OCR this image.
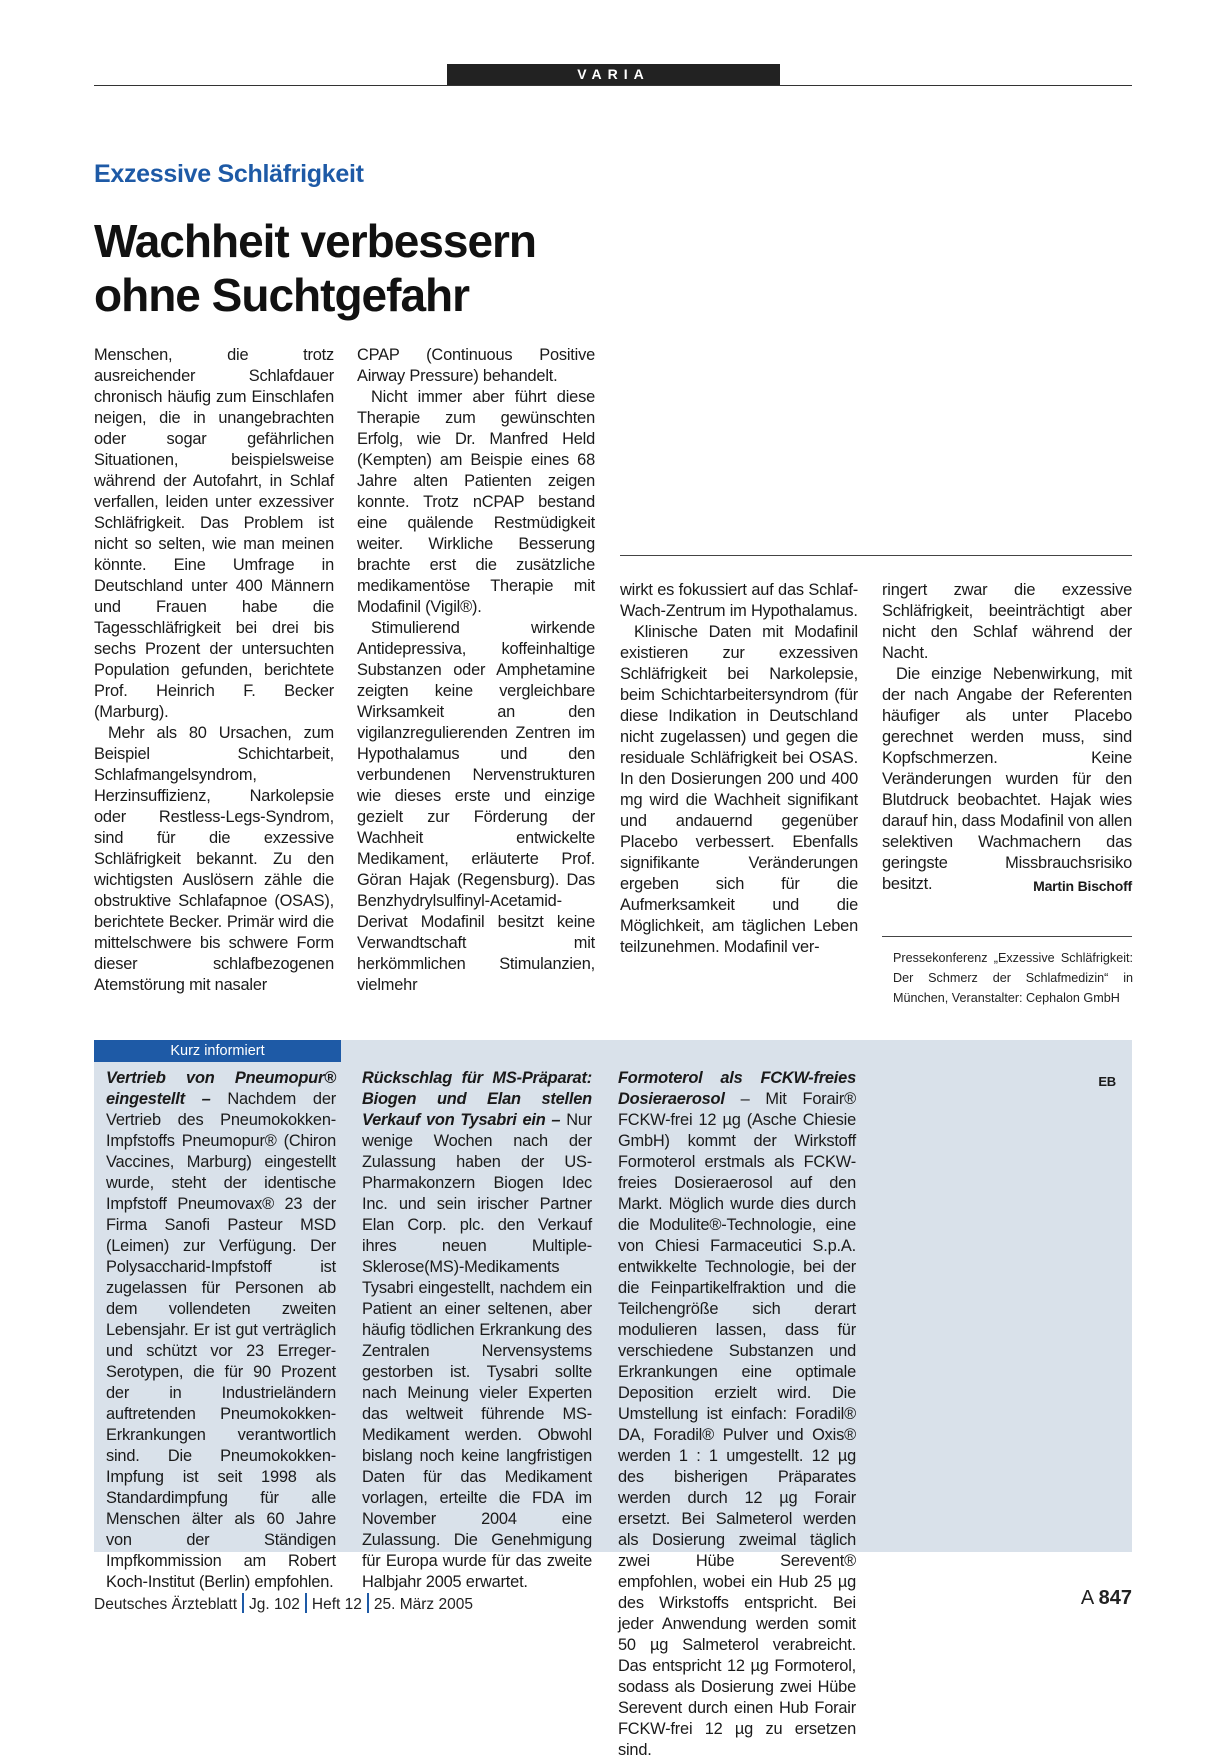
VARIA
Exzessive Schläfrigkeit
Wachheit verbessern
ohne Suchtgefahr

Menschen, die trotz ausreichender Schlafdauer chronisch häufig zum Einschlafen neigen, die in unangebrachten oder sogar gefährlichen Situationen, beispielsweise während der Autofahrt, in Schlaf verfallen, leiden unter exzessiver Schläfrigkeit. Das Problem ist nicht so selten, wie man meinen könnte. Eine Umfrage in Deutschland unter 400 Männern und Frauen habe die Tagesschläfrigkeit bei drei bis sechs Prozent der untersuchten Population gefunden, berichtete Prof. Heinrich F. Becker (Marburg).

Mehr als 80 Ursachen, zum Beispiel Schichtarbeit, Schlafmangelsyndrom, Herzinsuffizienz, Narkolepsie oder Restless-Legs-Syndrom, sind für die exzessive Schläfrigkeit bekannt. Zu den wichtigsten Auslösern zähle die obstruktive Schlafapnoe (OSAS), berichtete Becker. Primär wird die mittelschwere bis schwere Form dieser schlafbezogenen Atemstörung mit nasaler

CPAP (Continuous Positive Airway Pressure) behandelt.

Nicht immer aber führt diese Therapie zum gewünschten Erfolg, wie Dr. Manfred Held (Kempten) am Beispie eines 68 Jahre alten Patienten zeigen konnte. Trotz nCPAP bestand eine quälende Restmüdigkeit weiter. Wirkliche Besserung brachte erst die zusätzliche medikamentöse Therapie mit Modafinil (Vigil®).

Stimulierend wirkende Antidepressiva, koffeinhaltige Substanzen oder Amphetamine zeigten keine vergleichbare Wirksamkeit an den vigilanzregulierenden Zentren im Hypothalamus und den verbundenen Nervenstrukturen wie dieses erste und einzige gezielt zur Förderung der Wachheit entwickelte Medikament, erläuterte Prof. Göran Hajak (Regensburg). Das Benzhydrylsulfinyl-Acetamid-Derivat Modafinil besitzt keine Verwandtschaft mit herkömmlichen Stimulanzien, vielmehr

wirkt es fokussiert auf das Schlaf-Wach-Zentrum im Hypothalamus.

Klinische Daten mit Modafinil existieren zur exzessiven Schläfrigkeit bei Narkolepsie, beim Schichtarbeitersyndrom (für diese Indikation in Deutschland nicht zugelassen) und gegen die residuale Schläfrigkeit bei OSAS. In den Dosierungen 200 und 400 mg wird die Wachheit signifikant und andauernd gegenüber Placebo verbessert. Ebenfalls signifikante Veränderungen ergeben sich für die Aufmerksamkeit und die Möglichkeit, am täglichen Leben teilzunehmen. Modafinil ver-

ringert zwar die exzessive Schläfrigkeit, beeinträchtigt aber nicht den Schlaf während der Nacht.

Die einzige Nebenwirkung, mit der nach Angabe der Referenten häufiger als unter Placebo gerechnet werden muss, sind Kopfschmerzen. Keine Veränderungen wurden für den Blutdruck beobachtet. Hajak wies darauf hin, dass Modafinil von allen selektiven Wachmachern das geringste Missbrauchsrisiko besitzt.	Martin Bischoff

Pressekonferenz „Exzessive Schläfrigkeit: Der Schmerz der Schlafmedizin“ in München, Veranstalter: Cephalon GmbH
Kurz informiert

Vertrieb von Pneumopur® eingestellt – Nachdem der Vertrieb des Pneumokokken-Impfstoffs Pneumopur® (Chiron Vaccines, Marburg) eingestellt wurde, steht der identische Impfstoff Pneumovax® 23 der Firma Sanofi Pasteur MSD (Leimen) zur Verfügung. Der Polysaccharid-Impfstoff ist zugelassen für Personen ab dem vollendeten zweiten Lebensjahr. Er ist gut verträglich und schützt vor 23 Erreger-Serotypen, die für 90 Prozent der in Industrieländern auftretenden Pneumokokken-Erkrankungen verantwortlich sind. Die Pneumokokken-Impfung ist seit 1998 als Standardimpfung für alle Menschen älter als 60 Jahre von der Ständigen Impfkommission am Robert Koch-Institut (Berlin) empfohlen.

Rückschlag für MS-Präparat: Biogen und Elan stellen Verkauf von Tysabri ein – Nur wenige Wochen nach der Zulassung haben der US-Pharmakonzern Biogen Idec Inc. und sein irischer Partner Elan Corp. plc. den Verkauf ihres neuen Multiple-Sklerose(MS)-Medikaments Tysabri eingestellt, nachdem ein Patient an einer seltenen, aber häufig tödlichen Erkrankung des Zentralen Nervensystems gestorben ist. Tysabri sollte nach Meinung vieler Experten das weltweit führende MS-Medikament werden. Obwohl bislang noch keine langfristigen Daten für das Medikament vorlagen, erteilte die FDA im November 2004 eine Zulassung. Die Genehmigung für Europa wurde für das zweite Halbjahr 2005 erwartet.

Formoterol als FCKW-freies Dosieraerosol – Mit Forair® FCKW-frei 12 µg (Asche Chiesie GmbH) kommt der Wirkstoff Formoterol erstmals als FCKW-freies Dosieraerosol auf den Markt. Möglich wurde dies durch die Modulite®-Technologie, eine von Chiesi Farmaceutici S.p.A. entwikkelte Technologie, bei der die Feinpartikelfraktion und die Teilchengröße sich derart modulieren lassen, dass für verschiedene Substanzen und Erkrankungen eine optimale Deposition erzielt wird. Die Umstellung ist einfach: Foradil® DA, Foradil® Pulver und Oxis® werden 1 : 1 umgestellt. 12 µg des bisherigen Präparates werden durch 12 µg Forair ersetzt. Bei Salmeterol werden als Dosierung zweimal täglich zwei Hübe Serevent® empfohlen, wobei ein Hub 25 µg des Wirkstoffs entspricht. Bei jeder Anwendung werden somit 50 µg Salmeterol verabreicht. Das entspricht 12 µg Formoterol, sodass als Dosierung zwei Hübe Serevent durch einen Hub Forair FCKW-frei 12 µg zu ersetzen sind.

EB

Deutsches Ärzteblatt Jg. 102 Heft 12 25. März 2005	A 847
